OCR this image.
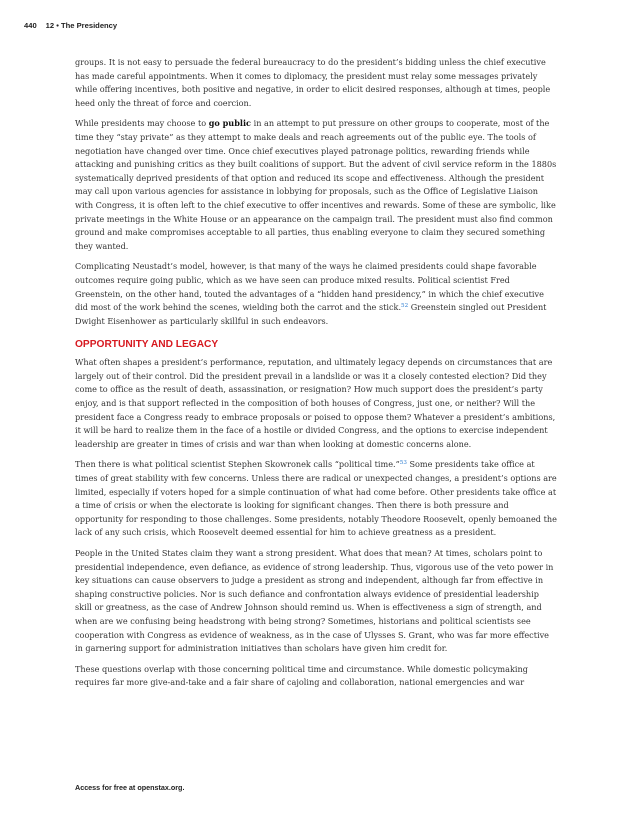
440 12 • The Presidency

groups. It is not easy to persuade the federal bureaucracy to do the president’s bidding unless the chief executive has made careful appointments. When it comes to diplomacy, the president must relay some messages privately while offering incentives, both positive and negative, in order to elicit desired responses, although at times, people heed only the threat of force and coercion.

While presidents may choose to go public in an attempt to put pressure on other groups to cooperate, most of the time they “stay private” as they attempt to make deals and reach agreements out of the public eye. The tools of negotiation have changed over time. Once chief executives played patronage politics, rewarding friends while attacking and punishing critics as they built coalitions of support. But the advent of civil service reform in the 1880s systematically deprived presidents of that option and reduced its scope and effectiveness. Although the president may call upon various agencies for assistance in lobbying for proposals, such as the Office of Legislative Liaison with Congress, it is often left to the chief executive to offer incentives and rewards. Some of these are symbolic, like private meetings in the White House or an appearance on the campaign trail. The president must also find common ground and make compromises acceptable to all parties, thus enabling everyone to claim they secured something they wanted.

Complicating Neustadt’s model, however, is that many of the ways he claimed presidents could shape favorable outcomes require going public, which as we have seen can produce mixed results. Political scientist Fred Greenstein, on the other hand, touted the advantages of a “hidden hand presidency,” in which the chief executive did most of the work behind the scenes, wielding both the carrot and the stick.$^{52}$ Greenstein singled out President Dwight Eisenhower as particularly skillful in such endeavors.

OPPORTUNITY AND LEGACY

What often shapes a president’s performance, reputation, and ultimately legacy depends on circumstances that are largely out of their control. Did the president prevail in a landslide or was it a closely contested election? Did they come to office as the result of death, assassination, or resignation? How much support does the president’s party enjoy, and is that support reflected in the composition of both houses of Congress, just one, or neither? Will the president face a Congress ready to embrace proposals or poised to oppose them? Whatever a president’s ambitions, it will be hard to realize them in the face of a hostile or divided Congress, and the options to exercise independent leadership are greater in times of crisis and war than when looking at domestic concerns alone.

Then there is what political scientist Stephen Skowronek calls “political time.”$^{53}$ Some presidents take office at times of great stability with few concerns. Unless there are radical or unexpected changes, a president’s options are limited, especially if voters hoped for a simple continuation of what had come before. Other presidents take office at a time of crisis or when the electorate is looking for significant changes. Then there is both pressure and opportunity for responding to those challenges. Some presidents, notably Theodore Roosevelt, openly bemoaned the lack of any such crisis, which Roosevelt deemed essential for him to achieve greatness as a president.

People in the United States claim they want a strong president. What does that mean? At times, scholars point to presidential independence, even defiance, as evidence of strong leadership. Thus, vigorous use of the veto power in key situations can cause observers to judge a president as strong and independent, although far from effective in shaping constructive policies. Nor is such defiance and confrontation always evidence of presidential leadership skill or greatness, as the case of Andrew Johnson should remind us. When is effectiveness a sign of strength, and when are we confusing being headstrong with being strong? Sometimes, historians and political scientists see cooperation with Congress as evidence of weakness, as in the case of Ulysses S. Grant, who was far more effective in garnering support for administration initiatives than scholars have given him credit for.

These questions overlap with those concerning political time and circumstance. While domestic policymaking requires far more give-and-take and a fair share of cajoling and collaboration, national emergencies and war

Access for free at openstax.org.
